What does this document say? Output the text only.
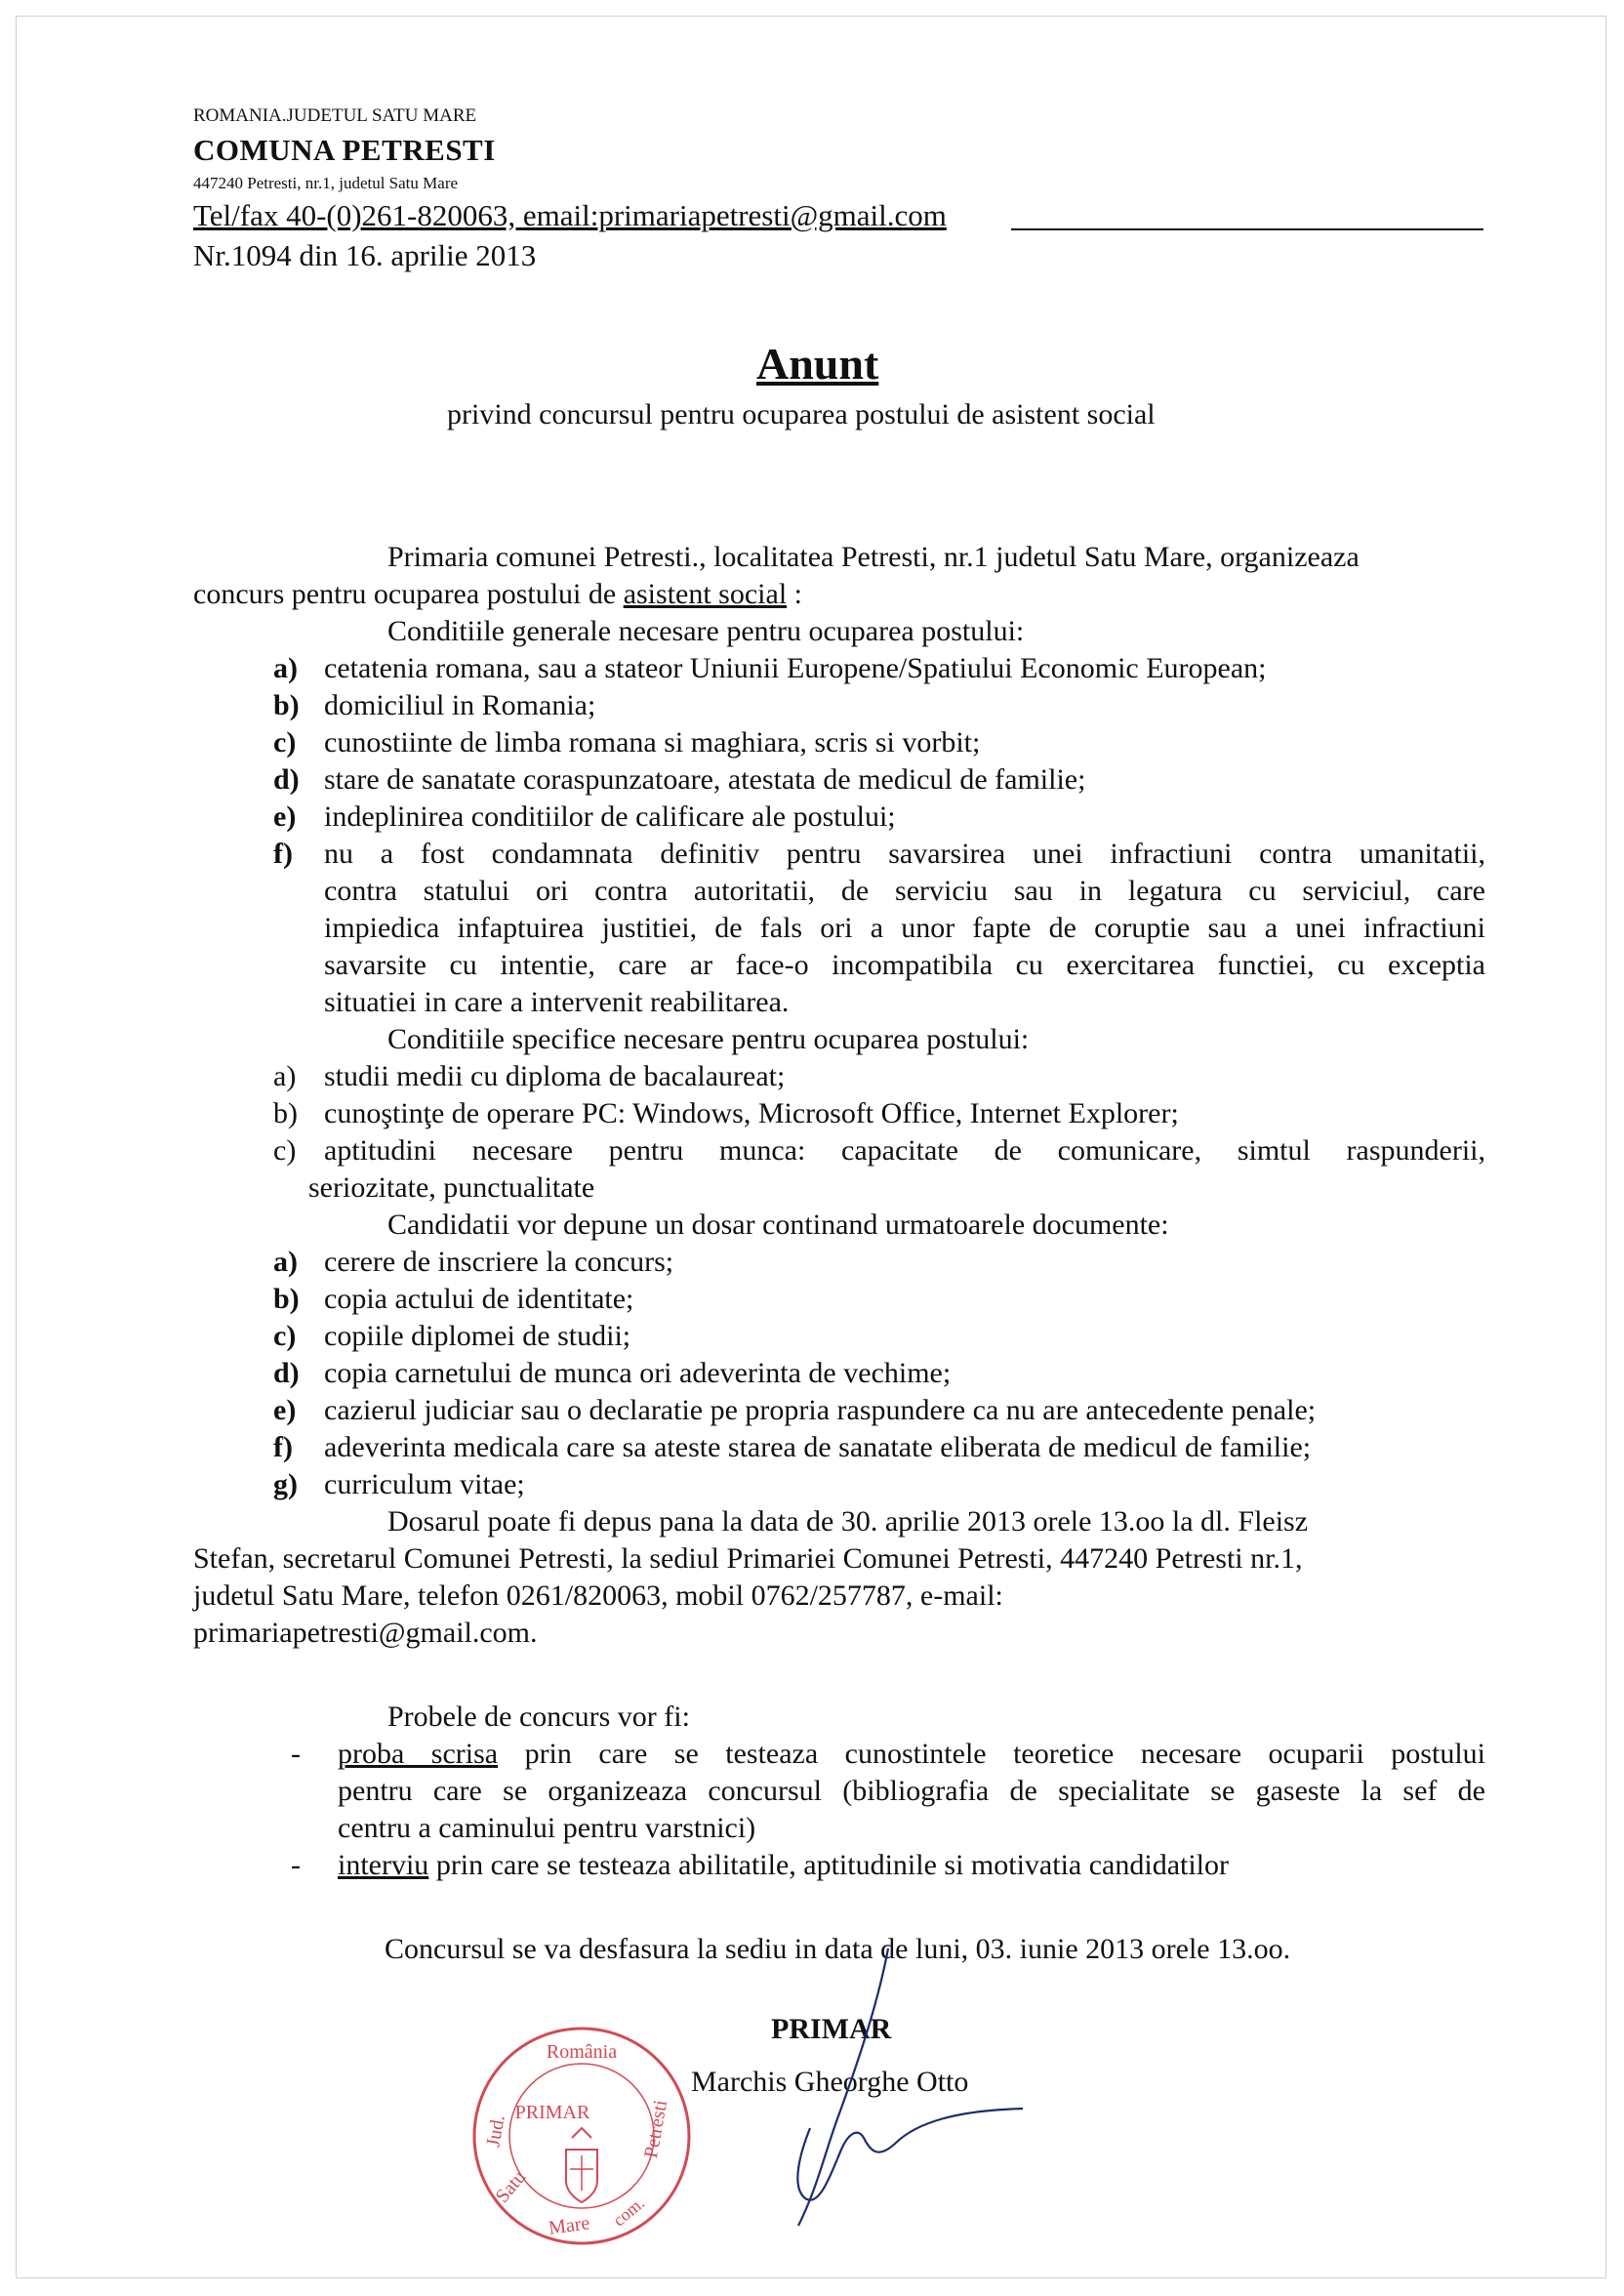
ROMANIA.JUDETUL SATU MARE
COMUNA PETRESTI
447240 Petresti, nr.1, judetul Satu Mare
Tel/fax 40-(0)261-820063, email:primariapetresti@gmail.com
Nr.1094 din 16. aprilie 2013
Anunt
privind concursul pentru ocuparea postului de asistent social
Primaria comunei Petresti., localitatea Petresti, nr.1 judetul Satu Mare, organizeaza
concurs pentru ocuparea postului de asistent social :
Conditiile generale necesare pentru ocuparea postului:
a) cetatenia romana, sau a stateor Uniunii Europene/Spatiului Economic European;
b) domiciliul in Romania;
c) cunostiinte de limba romana si maghiara, scris si vorbit;
d) stare de sanatate coraspunzatoare, atestata de medicul de familie;
e) indeplinirea conditiilor de calificare ale postului;
f) nu a fost condamnata definitiv pentru savarsirea unei infractiuni contra umanitatii,
contra statului ori contra autoritatii, de serviciu sau in legatura cu serviciul, care
impiedica infaptuirea justitiei, de fals ori a unor fapte de coruptie sau a unei infractiuni
savarsite cu intentie, care ar face-o incompatibila cu exercitarea functiei, cu exceptia
situatiei in care a intervenit reabilitarea.
Conditiile specifice necesare pentru ocuparea postului:
a) studii medii cu diploma de bacalaureat;
b) cunoştinţe de operare PC: Windows, Microsoft Office, Internet Explorer;
c) aptitudini necesare pentru munca: capacitate de comunicare, simtul raspunderii,
seriozitate, punctualitate
Candidatii vor depune un dosar continand urmatoarele documente:
a) cerere de inscriere la concurs;
b) copia actului de identitate;
c) copiile diplomei de studii;
d) copia carnetului de munca ori adeverinta de vechime;
e) cazierul judiciar sau o declaratie pe propria raspundere ca nu are antecedente penale;
f) adeverinta medicala care sa ateste starea de sanatate eliberata de medicul de familie;
g) curriculum vitae;
Dosarul poate fi depus pana la data de 30. aprilie 2013 orele 13.oo la dl. Fleisz
Stefan, secretarul Comunei Petresti, la sediul Primariei Comunei Petresti, 447240 Petresti nr.1,
judetul Satu Mare, telefon 0261/820063, mobil 0762/257787, e-mail:
primariapetresti@gmail.com.
Probele de concurs vor fi:
- proba scrisa prin care se testeaza cunostintele teoretice necesare ocuparii postului
pentru care se organizeaza concursul (bibliografia de specialitate se gaseste la sef de
centru a caminului pentru varstnici)
- interviu prin care se testeaza abilitatile, aptitudinile si motivatia candidatilor
Concursul se va desfasura la sediu in data de luni, 03. iunie 2013 orele 13.oo.
PRIMAR
Marchis Gheorghe Otto
România
Jud.
Satu
Mare com.
Petresti
PRIMAR
